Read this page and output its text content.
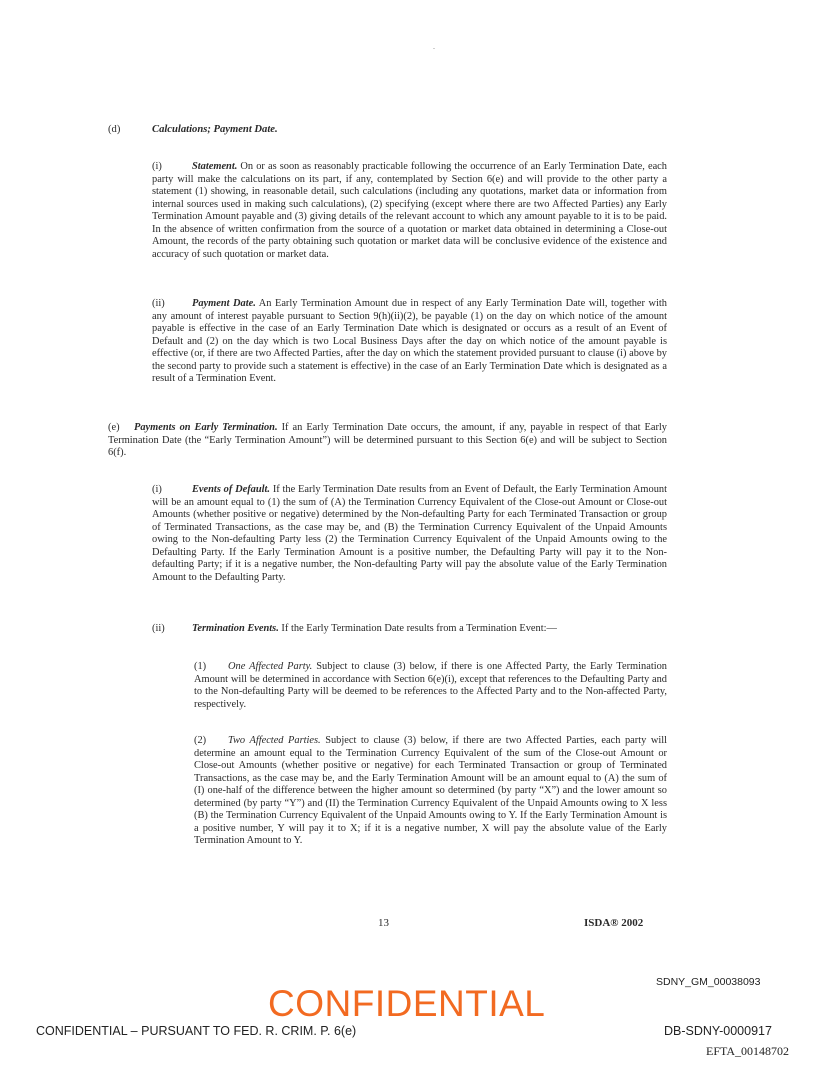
(d)	Calculations; Payment Date.
(i)	Statement. On or as soon as reasonably practicable following the occurrence of an Early Termination Date, each party will make the calculations on its part, if any, contemplated by Section 6(e) and will provide to the other party a statement (1) showing, in reasonable detail, such calculations (including any quotations, market data or information from internal sources used in making such calculations), (2) specifying (except where there are two Affected Parties) any Early Termination Amount payable and (3) giving details of the relevant account to which any amount payable to it is to be paid. In the absence of written confirmation from the source of a quotation or market data obtained in determining a Close-out Amount, the records of the party obtaining such quotation or market data will be conclusive evidence of the existence and accuracy of such quotation or market data.
(ii)	Payment Date. An Early Termination Amount due in respect of any Early Termination Date will, together with any amount of interest payable pursuant to Section 9(h)(ii)(2), be payable (1) on the day on which notice of the amount payable is effective in the case of an Early Termination Date which is designated or occurs as a result of an Event of Default and (2) on the day which is two Local Business Days after the day on which notice of the amount payable is effective (or, if there are two Affected Parties, after the day on which the statement provided pursuant to clause (i) above by the second party to provide such a statement is effective) in the case of an Early Termination Date which is designated as a result of a Termination Event.
(e) Payments on Early Termination. If an Early Termination Date occurs, the amount, if any, payable in respect of that Early Termination Date (the “Early Termination Amount”) will be determined pursuant to this Section 6(e) and will be subject to Section 6(f).
(i)	Events of Default. If the Early Termination Date results from an Event of Default, the Early Termination Amount will be an amount equal to (1) the sum of (A) the Termination Currency Equivalent of the Close-out Amount or Close-out Amounts (whether positive or negative) determined by the Non-defaulting Party for each Terminated Transaction or group of Terminated Transactions, as the case may be, and (B) the Termination Currency Equivalent of the Unpaid Amounts owing to the Non-defaulting Party less (2) the Termination Currency Equivalent of the Unpaid Amounts owing to the Defaulting Party. If the Early Termination Amount is a positive number, the Defaulting Party will pay it to the Non-defaulting Party; if it is a negative number, the Non-defaulting Party will pay the absolute value of the Early Termination Amount to the Defaulting Party.
(ii)	Termination Events. If the Early Termination Date results from a Termination Event:—
(1) One Affected Party. Subject to clause (3) below, if there is one Affected Party, the Early Termination Amount will be determined in accordance with Section 6(e)(i), except that references to the Defaulting Party and to the Non-defaulting Party will be deemed to be references to the Affected Party and to the Non-affected Party, respectively.
(2) Two Affected Parties. Subject to clause (3) below, if there are two Affected Parties, each party will determine an amount equal to the Termination Currency Equivalent of the sum of the Close-out Amount or Close-out Amounts (whether positive or negative) for each Terminated Transaction or group of Terminated Transactions, as the case may be, and the Early Termination Amount will be an amount equal to (A) the sum of (I) one-half of the difference between the higher amount so determined (by party “X”) and the lower amount so determined (by party “Y”) and (II) the Termination Currency Equivalent of the Unpaid Amounts owing to X less (B) the Termination Currency Equivalent of the Unpaid Amounts owing to Y. If the Early Termination Amount is a positive number, Y will pay it to X; if it is a negative number, X will pay the absolute value of the Early Termination Amount to Y.
13	ISDA® 2002
SDNY_GM_00038093
CONFIDENTIAL
CONFIDENTIAL – PURSUANT TO FED. R. CRIM. P. 6(e)	DB-SDNY-0000917
EFTA_00148702
